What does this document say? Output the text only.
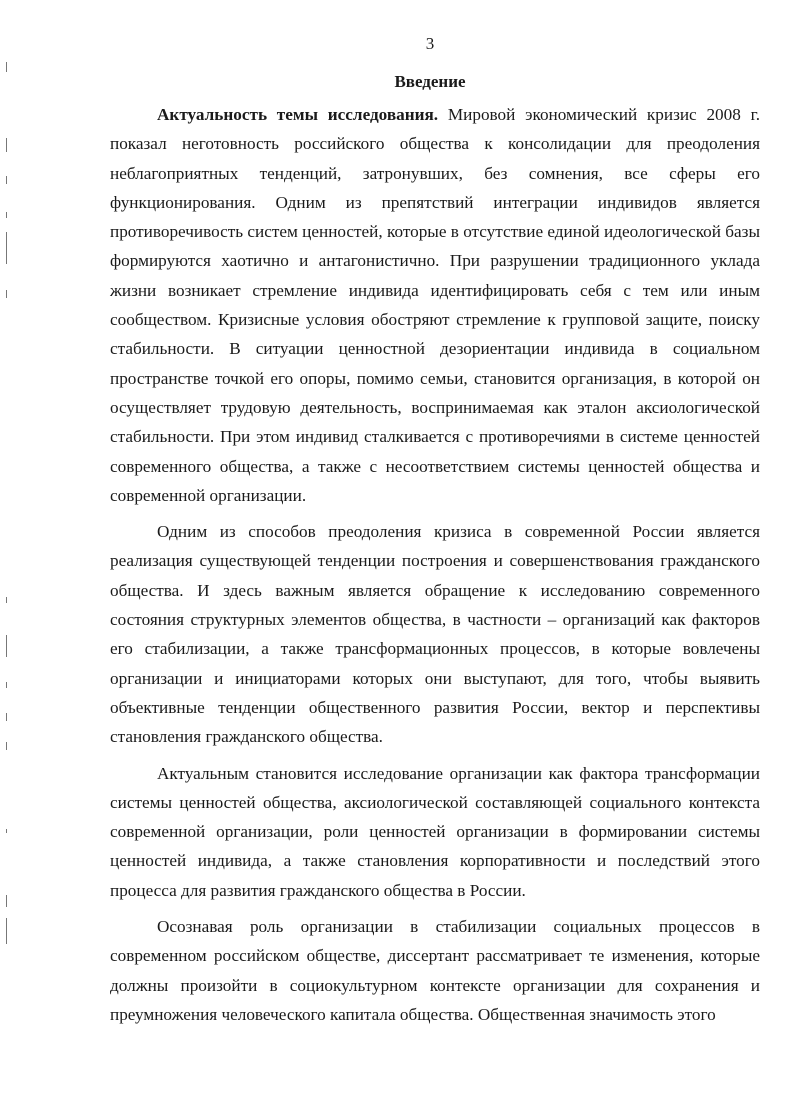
3
Введение

Актуальность темы исследования. Мировой экономический кризис 2008 г. показал неготовность российского общества к консолидации для преодоления неблагоприятных тенденций, затронувших, без сомнения, все сферы его функционирования. Одним из препятствий интеграции индивидов является противоречивость систем ценностей, которые в отсутствие единой идеологической базы формируются хаотично и антагонистично. При разрушении традиционного уклада жизни возникает стремление индивида идентифицировать себя с тем или иным сообществом. Кризисные условия обостряют стремление к групповой защите, поиску стабильности. В ситуации ценностной дезориентации индивида в социальном пространстве точкой его опоры, помимо семьи, становится организация, в которой он осуществляет трудовую деятельность, воспринимаемая как эталон аксиологической стабильности. При этом индивид сталкивается с противоречиями в системе ценностей современного общества, а также с несоответствием системы ценностей общества и современной организации.

Одним из способов преодоления кризиса в современной России является реализация существующей тенденции построения и совершенствования гражданского общества. И здесь важным является обращение к исследованию современного состояния структурных элементов общества, в частности – организаций как факторов его стабилизации, а также трансформационных процессов, в которые вовлечены организации и инициаторами которых они выступают, для того, чтобы выявить объективные тенденции общественного развития России, вектор и перспективы становления гражданского общества.

Актуальным становится исследование организации как фактора трансформации системы ценностей общества, аксиологической составляющей социального контекста современной организации, роли ценностей организации в формировании системы ценностей индивида, а также становления корпоративности и последствий этого процесса для развития гражданского общества в России.

Осознавая роль организации в стабилизации социальных процессов в современном российском обществе, диссертант рассматривает те изменения, которые должны произойти в социокультурном контексте организации для сохранения и преумножения человеческого капитала общества. Общественная значимость этого
